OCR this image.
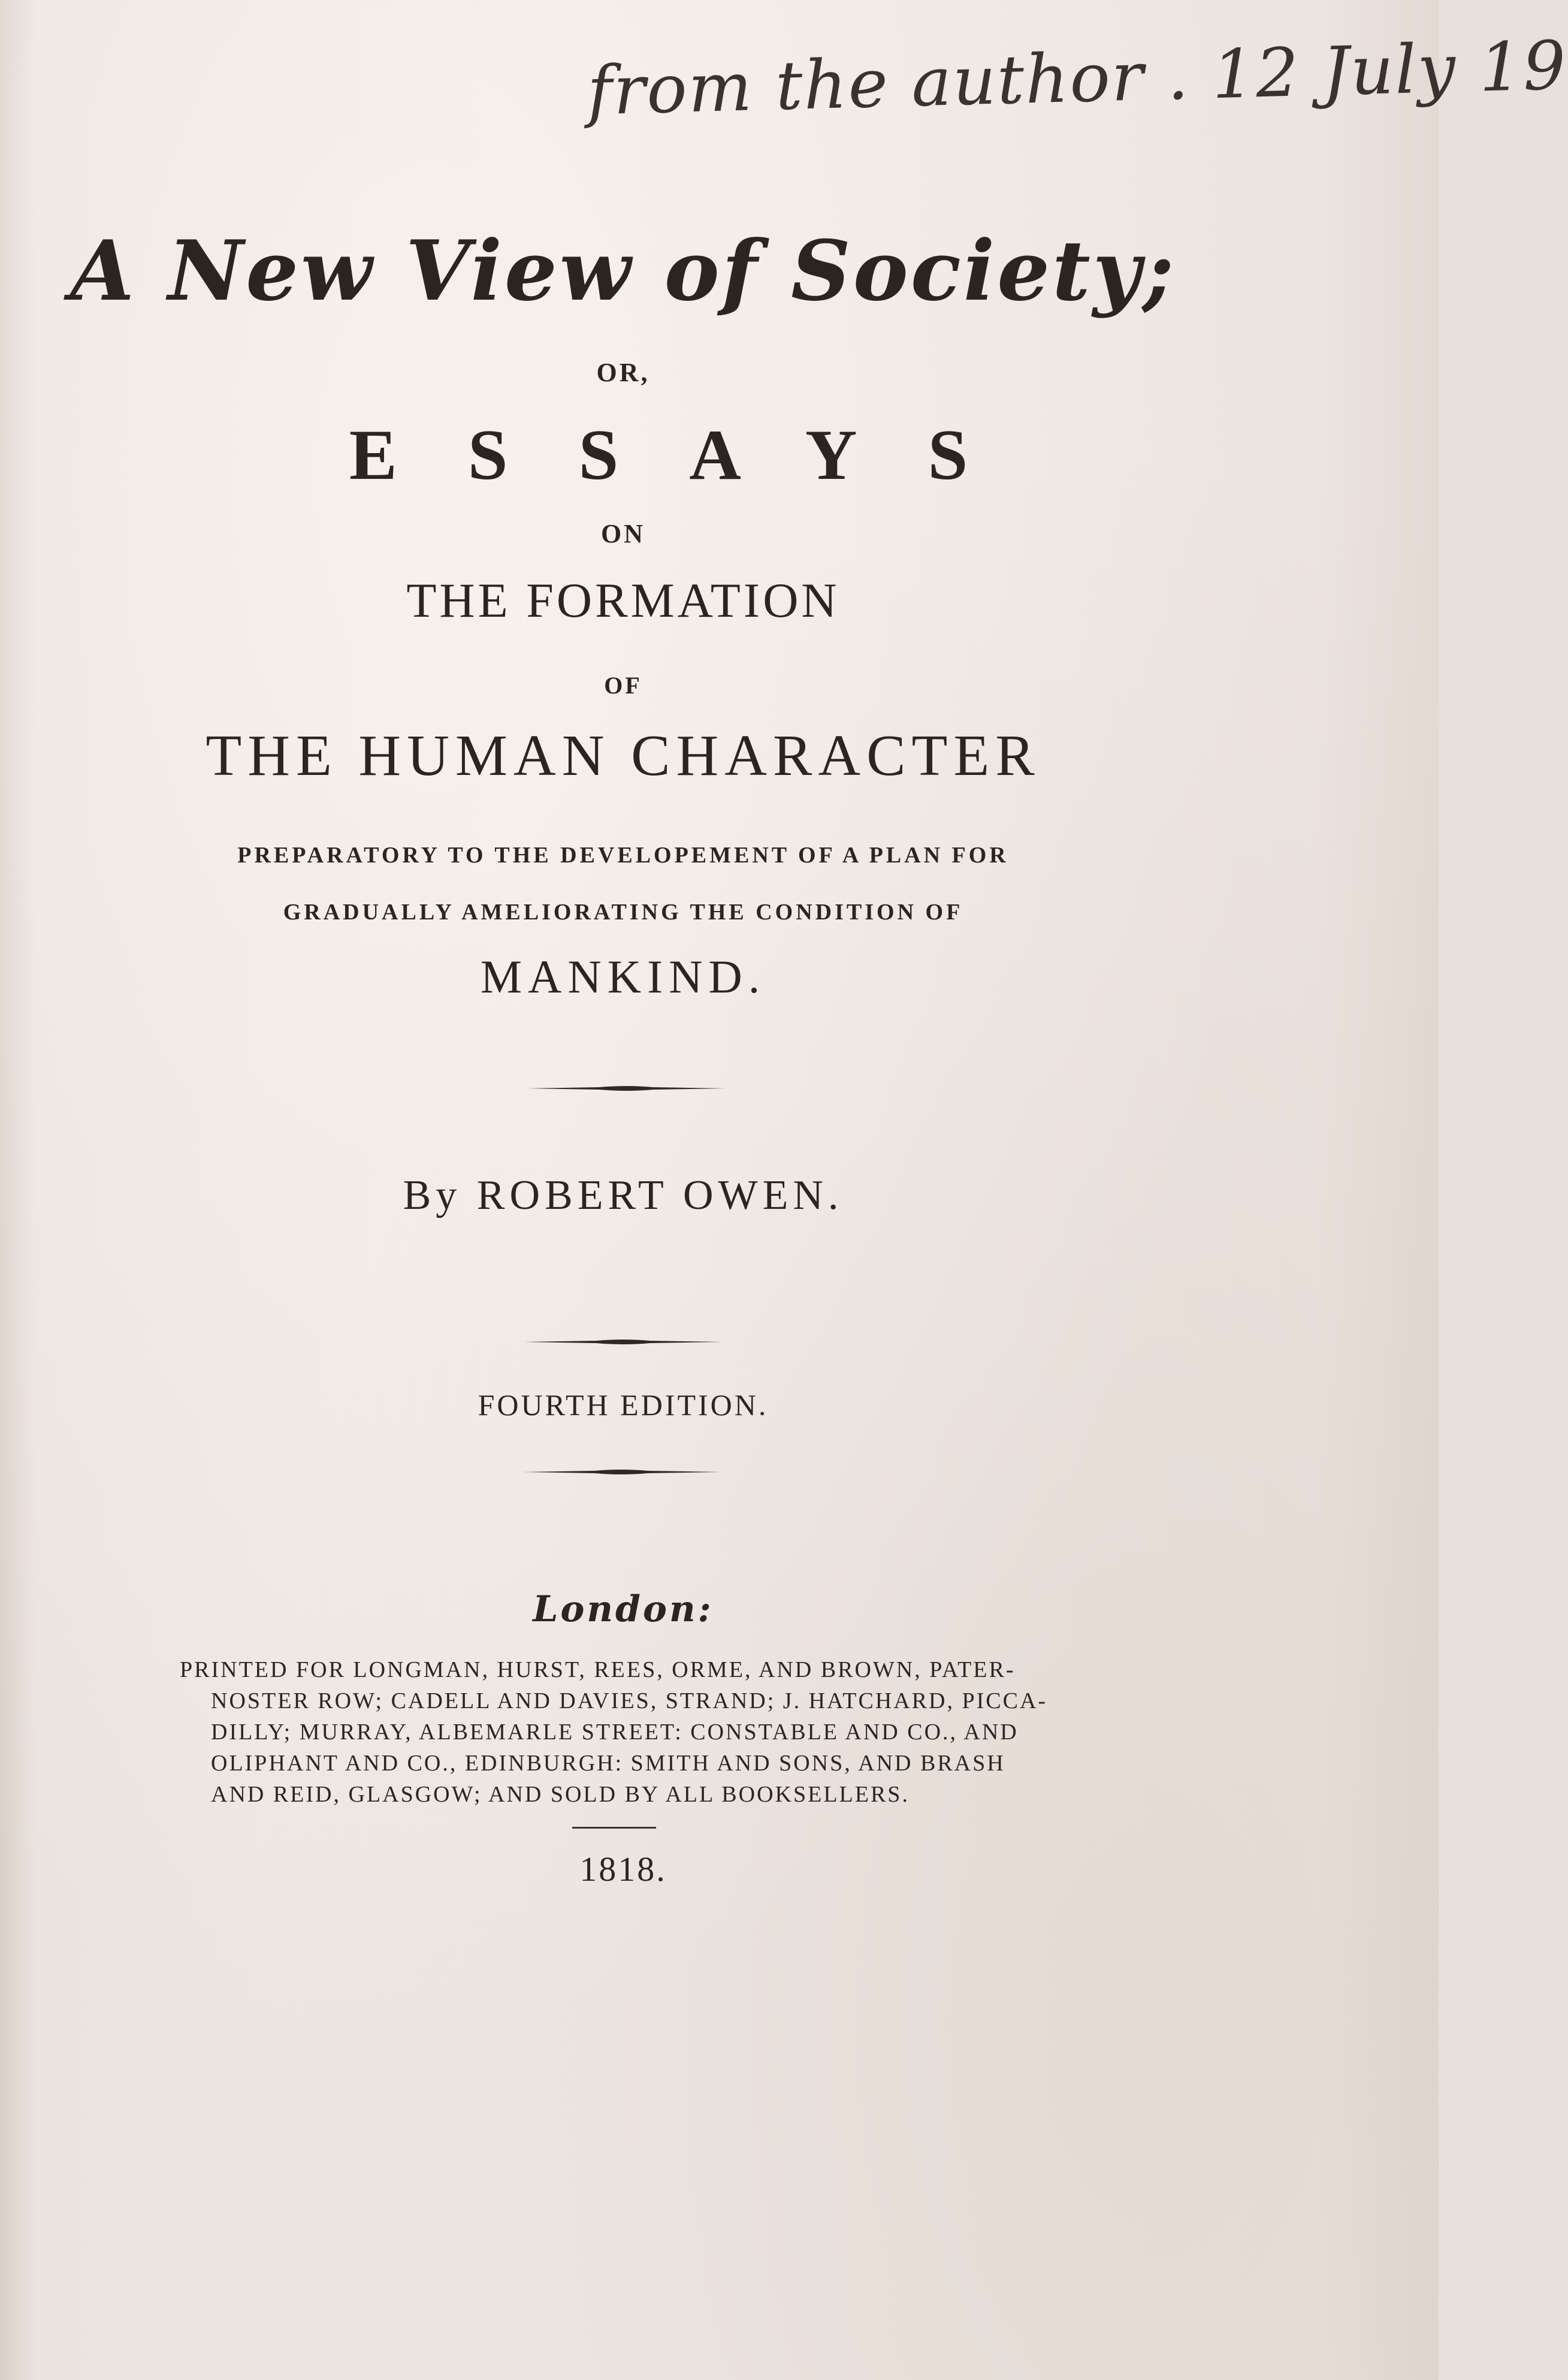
from the author . 12 July 19
A New View of Society;
OR,
ESSAYS
ON
THE FORMATION
OF
THE HUMAN CHARACTER
PREPARATORY TO THE DEVELOPEMENT OF A PLAN FOR
GRADUALLY AMELIORATING THE CONDITION OF
MANKIND.
By ROBERT OWEN.
FOURTH EDITION.
London:
PRINTED FOR LONGMAN, HURST, REES, ORME, AND BROWN, PATER-
NOSTER ROW; CADELL AND DAVIES, STRAND; J. HATCHARD, PICCA-
DILLY; MURRAY, ALBEMARLE STREET: CONSTABLE AND CO., AND
OLIPHANT AND CO., EDINBURGH: SMITH AND SONS, AND BRASH
AND REID, GLASGOW; AND SOLD BY ALL BOOKSELLERS.
1818.
